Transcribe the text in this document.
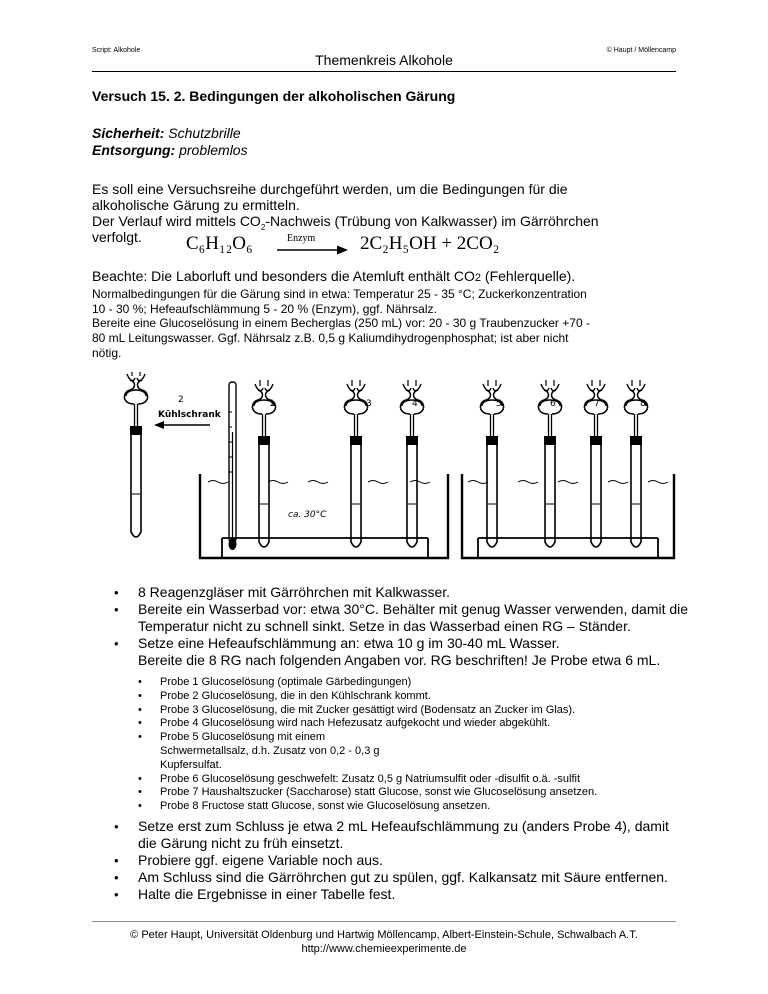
Script: Alkohole	© Haupt / Möllencamp
Themenkreis Alkohole
Versuch 15. 2. Bedingungen der alkoholischen Gärung
Sicherheit: Schutzbrille
Entsorgung: problemlos
Es soll eine Versuchsreihe durchgeführt werden, um die Bedingungen für die
alkoholische Gärung zu ermitteln.
Der Verlauf wird mittels $CO_2$-Nachweis (Trübung von Kalkwasser) im Gärröhrchen
verfolgt. C₆H₁₂O₆	Enzym 2C₂H₅OH + 2CO₂
Beachte: Die Laborluft und besonders die Atemluft enthält CO2 (Fehlerquelle).
Normalbedingungen für die Gärung sind in etwa: Temperatur 25 - 35 °C; Zuckerkonzentration
10 - 30 %; Hefeaufschlämmung 5 - 20 % (Enzym), ggf. Nährsalz.
Bereite eine Glucoselösung in einem Becherglas (250 mL) vor: 20 - 30 g Traubenzucker +70 -
80 mL Leitungswasser. Ggf. Nährsalz z.B. 0,5 g Kaliumdihydrogenphosphat; ist aber nicht
nötig.
2
Kühlschrank
ca. 30°C
1	3	4	5	6	7	8
• 8 Reagenzgläser mit Gärröhrchen mit Kalkwasser.
• Bereite ein Wasserbad vor: etwa 30°C. Behälter mit genug Wasser verwenden, damit die Temperatur nicht zu schnell sinkt. Setze in das Wasserbad einen RG – Ständer.
• Setze eine Hefeaufschlämmung an: etwa 10 g im 30-40 mL Wasser.
Bereite die 8 RG nach folgenden Angaben vor. RG beschriften! Je Probe etwa 6 mL.
• Probe 1 Glucoselösung (optimale Gärbedingungen)
• Probe 2 Glucoselösung, die in den Kühlschrank kommt.
• Probe 3 Glucoselösung, die mit Zucker gesättigt wird (Bodensatz an Zucker im Glas).
• Probe 4 Glucoselösung wird nach Hefezusatz aufgekocht und wieder abgekühlt.
• Probe 5 Glucoselösung mit einem Schwermetallsalz, d.h. Zusatz von 0,2 - 0,3 g Kupfersulfat.
• Probe 6 Glucoselösung geschwefelt: Zusatz 0,5 g Natriumsulfit oder -disulfit o.ä. -sulfit
• Probe 7 Haushaltszucker (Saccharose) statt Glucose, sonst wie Glucoselösung ansetzen.
• Probe 8 Fructose statt Glucose, sonst wie Glucoselösung ansetzen.
• Setze erst zum Schluss je etwa 2 mL Hefeaufschlämmung zu (anders Probe 4), damit die Gärung nicht zu früh einsetzt.
• Probiere ggf. eigene Variable noch aus.
• Am Schluss sind die Gärröhrchen gut zu spülen, ggf. Kalkansatz mit Säure entfernen.
• Halte die Ergebnisse in einer Tabelle fest.
© Peter Haupt, Universität Oldenburg und Hartwig Möllencamp, Albert-Einstein-Schule, Schwalbach A.T.
http://www.chemieexperimente.de
